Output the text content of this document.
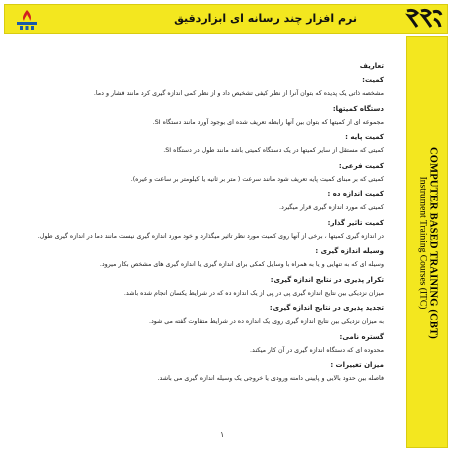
نرم افزار چند رسانه ای ابزاردقیق
COMPUTER BASED TRAINING (CBT)
Instrument Training Courses (ITC)
تعاریف
کمیت:

مشخصه ذاتی یک پدیده که بتوان آنرا از نظر کیفی تشخیص داد و از نظر کمی اندازه گیری کرد مانند فشار و دما.

دستگاه کمیتها:

مجموعه ای از کمیتها که بتوان بین آنها رابطه تعریف شده ای بوجود آورد مانند دستگاه SI.

کمیت پایه :

کمیتی که مستقل از سایر کمیتها در یک دستگاه کمیتی باشد مانند طول در دستگاه SI.

کمیت فرعی:

کمیتی که بر مبنای کمیت پایه تعریف شود مانند سرعت ( متر بر ثانیه یا کیلومتر بر ساعت و غیره).

کمیت اندازه ده :

کمیتی که مورد اندازه گیری قرار میگیرد.

کمیت تاثیر گذار:

در اندازه گیری کمیتها ، برخی از آنها روی کمیت مورد نظر تاثیر میگذارد و خود مورد اندازه گیری نیست مانند دما در اندازه گیری طول.

وسیله اندازه گیری :

وسیله ای که به تنهایی و یا به همراه با وسایل کمکی برای اندازه گیری یا اندازه گیری های مشخص بکار میرود.

تکرار پذیری در نتایج اندازه گیری:

میزان نزدیکی بین نتایج اندازه گیری پی در پی از یک اندازه ده که در شرایط یکسان انجام شده باشد.

تجدید پذیری در نتایج اندازه گیری:

به میزان نزدیکی بین نتایج اندازه گیری روی یک اندازه ده در شرایط متفاوت گفته می شود.

گستره نامی:

محدوده ای که دستگاه اندازه گیری در آن کار میکند.

میزان تغییرات :

فاصله بین حدود بالایی و پایینی دامنه ورودی یا خروجی یک وسیله اندازه گیری می باشد.

۱
